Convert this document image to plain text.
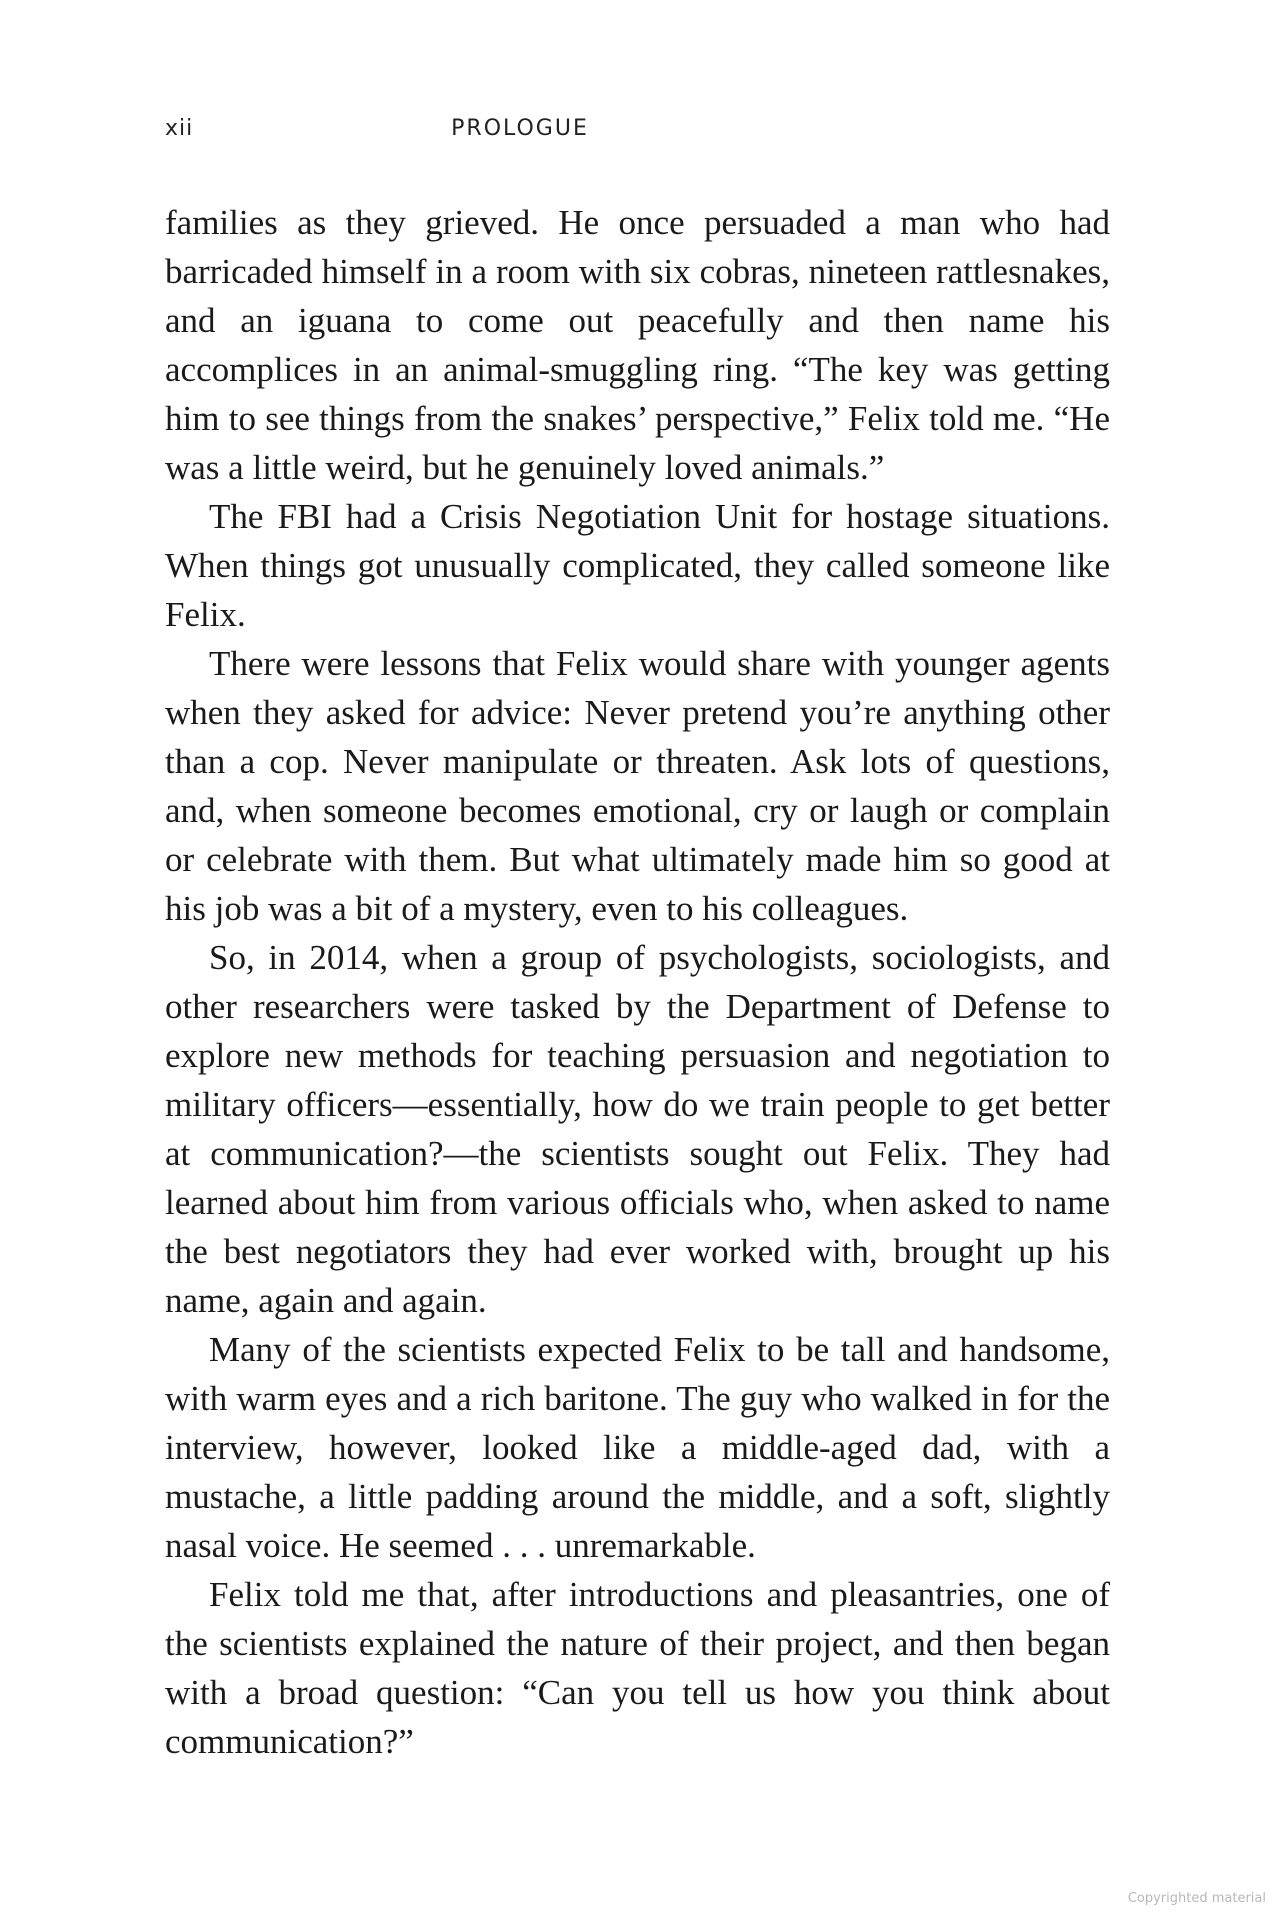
xii	PROLOGUE

families as they grieved. He once persuaded a man who had barricaded himself in a room with six cobras, nineteen rattlesnakes, and an iguana to come out peacefully and then name his accomplices in an animal-smuggling ring. “The key was getting him to see things from the snakes’ perspective,” Felix told me. “He was a little weird, but he genuinely loved animals.”

The FBI had a Crisis Negotiation Unit for hostage situations. When things got unusually complicated, they called someone like Felix.

There were lessons that Felix would share with younger agents when they asked for advice: Never pretend you’re anything other than a cop. Never manipulate or threaten. Ask lots of questions, and, when someone becomes emotional, cry or laugh or complain or celebrate with them. But what ultimately made him so good at his job was a bit of a mystery, even to his colleagues.

So, in 2014, when a group of psychologists, sociologists, and other researchers were tasked by the Department of Defense to explore new methods for teaching persuasion and negotiation to military officers—essentially, how do we train people to get better at communication?—the scientists sought out Felix. They had learned about him from various officials who, when asked to name the best negotiators they had ever worked with, brought up his name, again and again.

Many of the scientists expected Felix to be tall and handsome, with warm eyes and a rich baritone. The guy who walked in for the interview, however, looked like a middle-aged dad, with a mustache, a little padding around the middle, and a soft, slightly nasal voice. He seemed . . . unremarkable.

Felix told me that, after introductions and pleasantries, one of the scientists explained the nature of their project, and then began with a broad question: “Can you tell us how you think about communication?”

Copyrighted material
